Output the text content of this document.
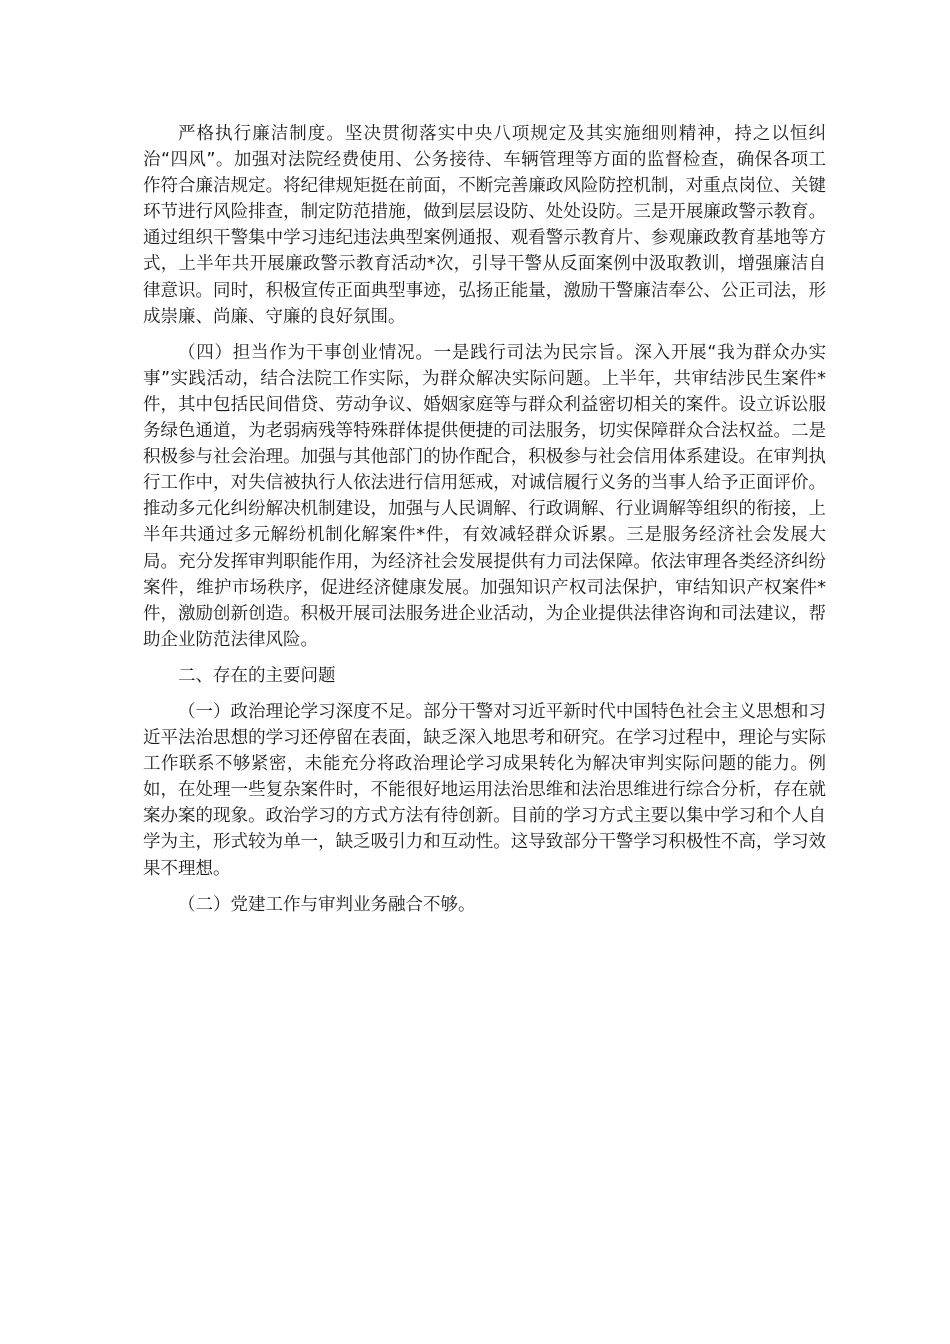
严格执行廉洁制度。坚决贯彻落实中央八项规定及其实施细则精神，持之以恒纠治“四风”。加强对法院经费使用、公务接待、车辆管理等方面的监督检查，确保各项工作符合廉洁规定。将纪律规矩挺在前面，不断完善廉政风险防控机制，对重点岗位、关键环节进行风险排查，制定防范措施，做到层层设防、处处设防。三是开展廉政警示教育。通过组织干警集中学习违纪违法典型案例通报、观看警示教育片、参观廉政教育基地等方式，上半年共开展廉政警示教育活动*次，引导干警从反面案例中汲取教训，增强廉洁自律意识。同时，积极宣传正面典型事迹，弘扬正能量，激励干警廉洁奉公、公正司法，形成崇廉、尚廉、守廉的良好氛围。

（四）担当作为干事创业情况。一是践行司法为民宗旨。深入开展“我为群众办实事”实践活动，结合法院工作实际，为群众解决实际问题。上半年，共审结涉民生案件*件，其中包括民间借贷、劳动争议、婚姻家庭等与群众利益密切相关的案件。设立诉讼服务绿色通道，为老弱病残等特殊群体提供便捷的司法服务，切实保障群众合法权益。二是积极参与社会治理。加强与其他部门的协作配合，积极参与社会信用体系建设。在审判执行工作中，对失信被执行人依法进行信用惩戒，对诚信履行义务的当事人给予正面评价。推动多元化纠纷解决机制建设，加强与人民调解、行政调解、行业调解等组织的衔接，上半年共通过多元解纷机制化解案件*件，有效减轻群众诉累。三是服务经济社会发展大局。充分发挥审判职能作用，为经济社会发展提供有力司法保障。依法审理各类经济纠纷案件，维护市场秩序，促进经济健康发展。加强知识产权司法保护，审结知识产权案件*件，激励创新创造。积极开展司法服务进企业活动，为企业提供法律咨询和司法建议，帮助企业防范法律风险。

二、存在的主要问题

（一）政治理论学习深度不足。部分干警对习近平新时代中国特色社会主义思想和习近平法治思想的学习还停留在表面，缺乏深入地思考和研究。在学习过程中，理论与实际工作联系不够紧密，未能充分将政治理论学习成果转化为解决审判实际问题的能力。例如，在处理一些复杂案件时，不能很好地运用法治思维和法治思维进行综合分析，存在就案办案的现象。政治学习的方式方法有待创新。目前的学习方式主要以集中学习和个人自学为主，形式较为单一，缺乏吸引力和互动性。这导致部分干警学习积极性不高，学习效果不理想。

（二）党建工作与审判业务融合不够。
